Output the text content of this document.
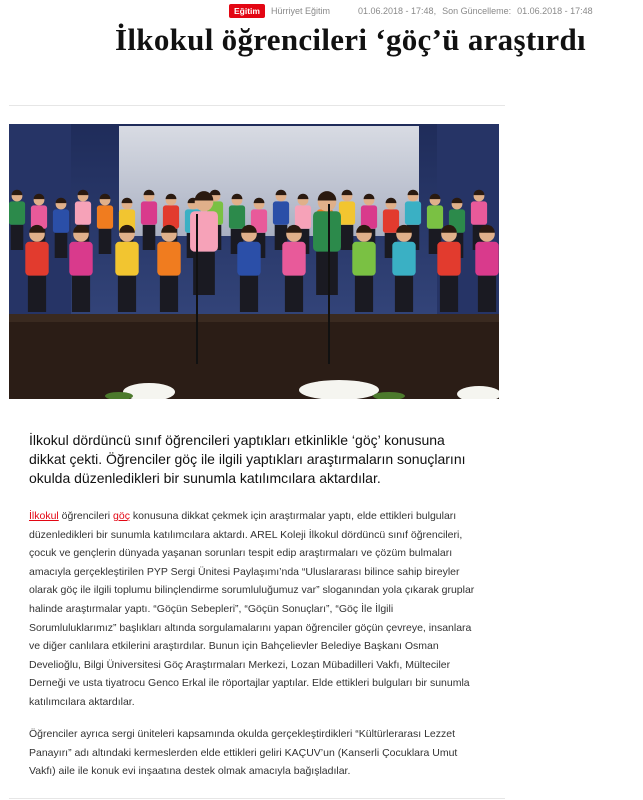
Eğitim	Hürriyet Eğitim	01.06.2018 - 17:48, Son Güncelleme: 01.06.2018 - 17:48
İlkokul öğrencileri ‘göç’ü araştırdı

İlkokul dördüncü sınıf öğrencileri yaptıkları etkinlikle ‘göç’ konusuna dikkat çekti. Öğrenciler göç ile ilgili yaptıkları araştırmaların sonuçlarını okulda düzenledikleri bir sunumla katılımcılara aktardılar.

İlkokul öğrencileri göç konusuna dikkat çekmek için araştırmalar yaptı, elde ettikleri bulguları düzenledikleri bir sunumla katılımcılara aktardı. AREL Koleji İlkokul dördüncü sınıf öğrencileri, çocuk ve gençlerin dünyada yaşanan sorunları tespit edip araştırmaları ve çözüm bulmaları amacıyla gerçekleştirilen PYP Sergi Ünitesi Paylaşımı’nda “Uluslararası bilince sahip bireyler olarak göç ile ilgili toplumu bilinçlendirme sorumluluğumuz var” sloganından yola çıkarak gruplar halinde araştırmalar yaptı. “Göçün Sebepleri”, “Göçün Sonuçları”, “Göç İle İlgili Sorumluluklarımız” başlıkları altında sorgulamalarını yapan öğrenciler göçün çevreye, insanlara ve diğer canlılara etkilerini araştırdılar. Bunun için Bahçelievler Belediye Başkanı Osman Develioğlu, Bilgi Üniversitesi Göç Araştırmaları Merkezi, Lozan Mübadilleri Vakfı, Mülteciler Derneği ve usta tiyatrocu Genco Erkal ile röportajlar yaptılar. Elde ettikleri bulguları bir sunumla katılımcılara aktardılar.

Öğrenciler ayrıca sergi üniteleri kapsamında okulda gerçekleştirdikleri “Kültürlerarası Lezzet Panayırı” adı altındaki kermeslerden elde ettikleri geliri KAÇUV’un (Kanserli Çocuklara Umut Vakfı) aile ile konuk evi inşaatına destek olmak amacıyla bağışladılar.
